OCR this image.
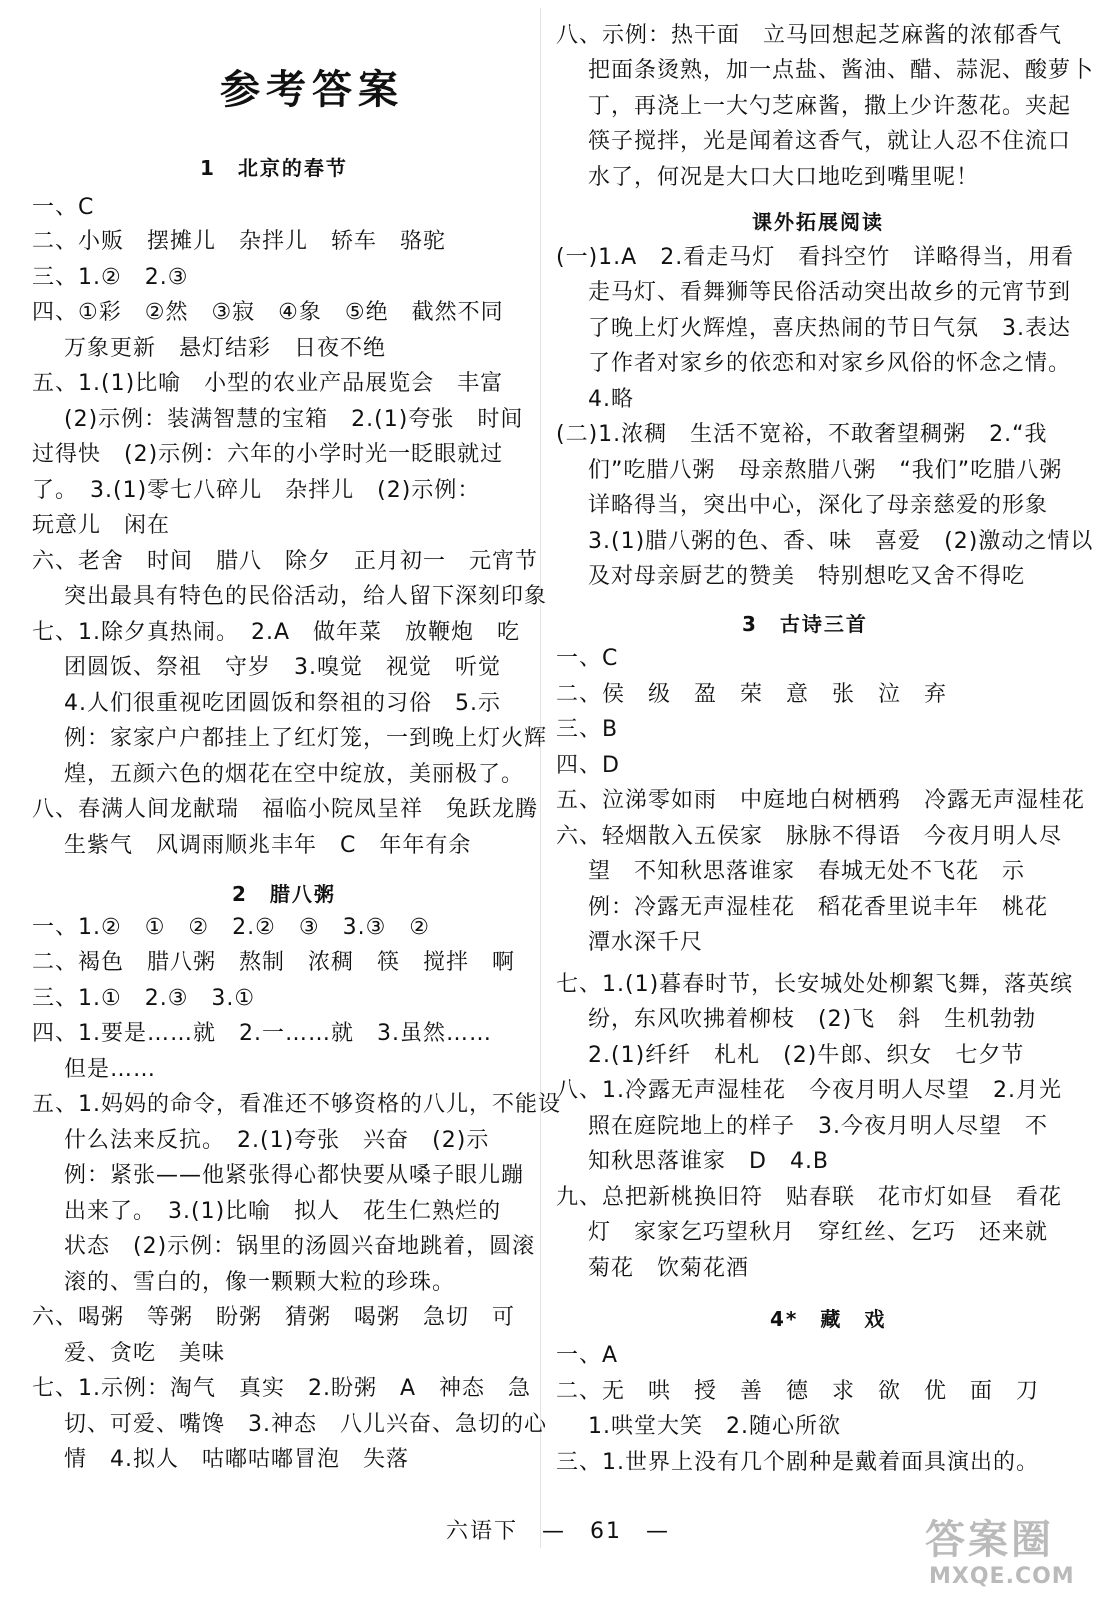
参考答案
1　北京的春节
一、C
二、小贩　摆摊儿　杂拌儿　轿车　骆驼
三、1.②　2.③
四、①彩　②然　③寂　④象　⑤绝　截然不同
万象更新　悬灯结彩　日夜不绝
五、1.(1)比喻　小型的农业产品展览会　丰富
(2)示例：装满智慧的宝箱　2.(1)夸张　时间
过得快　(2)示例：六年的小学时光一眨眼就过
了。　3.(1)零七八碎儿　杂拌儿　(2)示例：
玩意儿　闲在
六、老舍　时间　腊八　除夕　正月初一　元宵节
突出最具有特色的民俗活动，给人留下深刻印象
七、1.除夕真热闹。　2.A　做年菜　放鞭炮　吃
团圆饭、祭祖　守岁　3.嗅觉　视觉　听觉
4.人们很重视吃团圆饭和祭祖的习俗　5.示
例：家家户户都挂上了红灯笼，一到晚上灯火辉
煌，五颜六色的烟花在空中绽放，美丽极了。
八、春满人间龙献瑞　福临小院凤呈祥　兔跃龙腾
生紫气　风调雨顺兆丰年　C　年年有余
2　腊八粥
一、1.②　①　②　2.②　③　3.③　②
二、褐色　腊八粥　熬制　浓稠　筷　搅拌　啊
三、1.①　2.③　3.①
四、1.要是……就　2.一……就　3.虽然……
但是……
五、1.妈妈的命令，看准还不够资格的八儿，不能设
什么法来反抗。　2.(1)夸张　兴奋　(2)示
例：紧张——他紧张得心都快要从嗓子眼儿蹦
出来了。　3.(1)比喻　拟人　花生仁熟烂的
状态　(2)示例：锅里的汤圆兴奋地跳着，圆滚
滚的、雪白的，像一颗颗大粒的珍珠。
六、喝粥　等粥　盼粥　猜粥　喝粥　急切　可
爱、贪吃　美味
七、1.示例：淘气　真实　2.盼粥　A　神态　急
切、可爱、嘴馋　3.神态　八儿兴奋、急切的心
情　4.拟人　咕嘟咕嘟冒泡　失落
八、示例：热干面　立马回想起芝麻酱的浓郁香气
把面条烫熟，加一点盐、酱油、醋、蒜泥、酸萝卜
丁，再浇上一大勺芝麻酱，撒上少许葱花。夹起
筷子搅拌，光是闻着这香气，就让人忍不住流口
水了，何况是大口大口地吃到嘴里呢！
课外拓展阅读
(一)1.A　2.看走马灯　看抖空竹　详略得当，用看
走马灯、看舞狮等民俗活动突出故乡的元宵节到
了晚上灯火辉煌，喜庆热闹的节日气氛　3.表达
了作者对家乡的依恋和对家乡风俗的怀念之情。
4.略
(二)1.浓稠　生活不宽裕，不敢奢望稠粥　2.“我
们”吃腊八粥　母亲熬腊八粥　“我们”吃腊八粥
详略得当，突出中心，深化了母亲慈爱的形象
3.(1)腊八粥的色、香、味　喜爱　(2)激动之情以
及对母亲厨艺的赞美　特别想吃又舍不得吃
3　古诗三首
一、C
二、侯　级　盈　荣　意　张　泣　弃
三、B
四、D
五、泣涕零如雨　中庭地白树栖鸦　冷露无声湿桂花
六、轻烟散入五侯家　脉脉不得语　今夜月明人尽
望　不知秋思落谁家　春城无处不飞花　示
例：冷露无声湿桂花　稻花香里说丰年　桃花
潭水深千尺
七、1.(1)暮春时节，长安城处处柳絮飞舞，落英缤
纷，东风吹拂着柳枝　(2)飞　斜　生机勃勃
2.(1)纤纤　札札　(2)牛郎、织女　七夕节
八、1.冷露无声湿桂花　今夜月明人尽望　2.月光
照在庭院地上的样子　3.今夜月明人尽望　不
知秋思落谁家　D　4.B
九、总把新桃换旧符　贴春联　花市灯如昼　看花
灯　家家乞巧望秋月　穿红丝、乞巧　还来就
菊花　饮菊花酒
4*　藏　戏
一、A
二、无　哄　授　善　德　求　欲　优　面　刀
1.哄堂大笑　2.随心所欲
三、1.世界上没有几个剧种是戴着面具演出的。
六语下　—　61　—	答案圈
MXQE.COM
